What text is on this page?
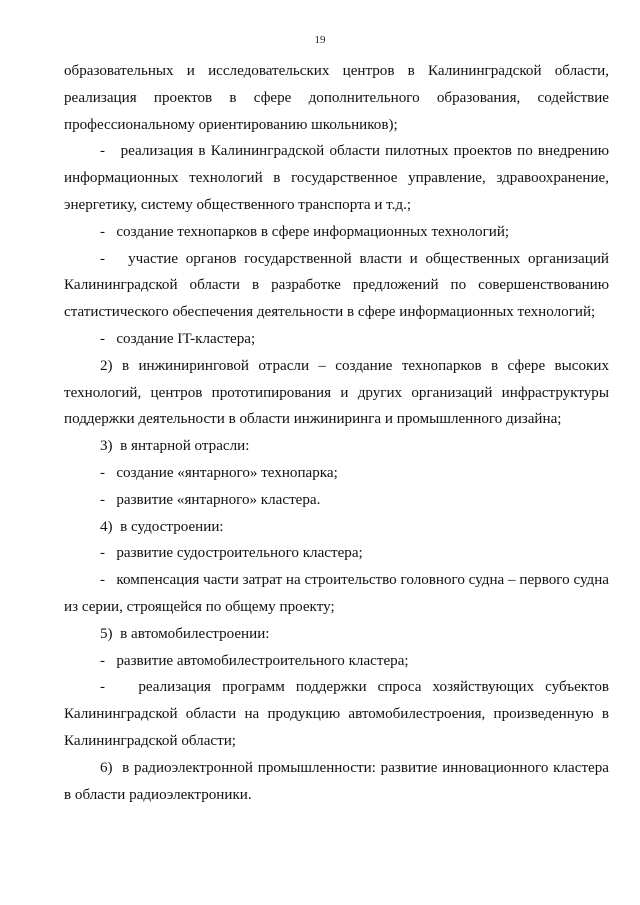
19

образовательных и исследовательских центров в Калининградской области, реализация проектов в сфере дополнительного образования, содействие профессиональному ориентированию школьников);

-   реализация в Калининградской области пилотных проектов по внедрению информационных технологий в государственное управление, здравоохранение, энергетику, систему общественного транспорта и т.д.;

-   создание технопарков в сфере информационных технологий;

-   участие органов государственной власти и общественных организаций Калининградской области в разработке предложений по совершенствованию статистического обеспечения деятельности в сфере информационных технологий;

-   создание IT-кластера;

2) в инжиниринговой отрасли – создание технопарков в сфере высоких технологий, центров прототипирования и других организаций инфраструктуры поддержки деятельности в области инжиниринга и промышленного дизайна;

3)  в янтарной отрасли:

-   создание «янтарного» технопарка;

-   развитие «янтарного» кластера.

4)  в судостроении:

-   развитие судостроительного кластера;

-   компенсация части затрат на строительство головного судна – первого судна из серии, строящейся по общему проекту;

5)  в автомобилестроении:

-   развитие автомобилестроительного кластера;

-   реализация программ поддержки спроса хозяйствующих субъектов Калининградской области на продукцию автомобилестроения, произведенную в Калининградской области;

6)  в радиоэлектронной промышленности: развитие инновационного кластера в области радиоэлектроники.
